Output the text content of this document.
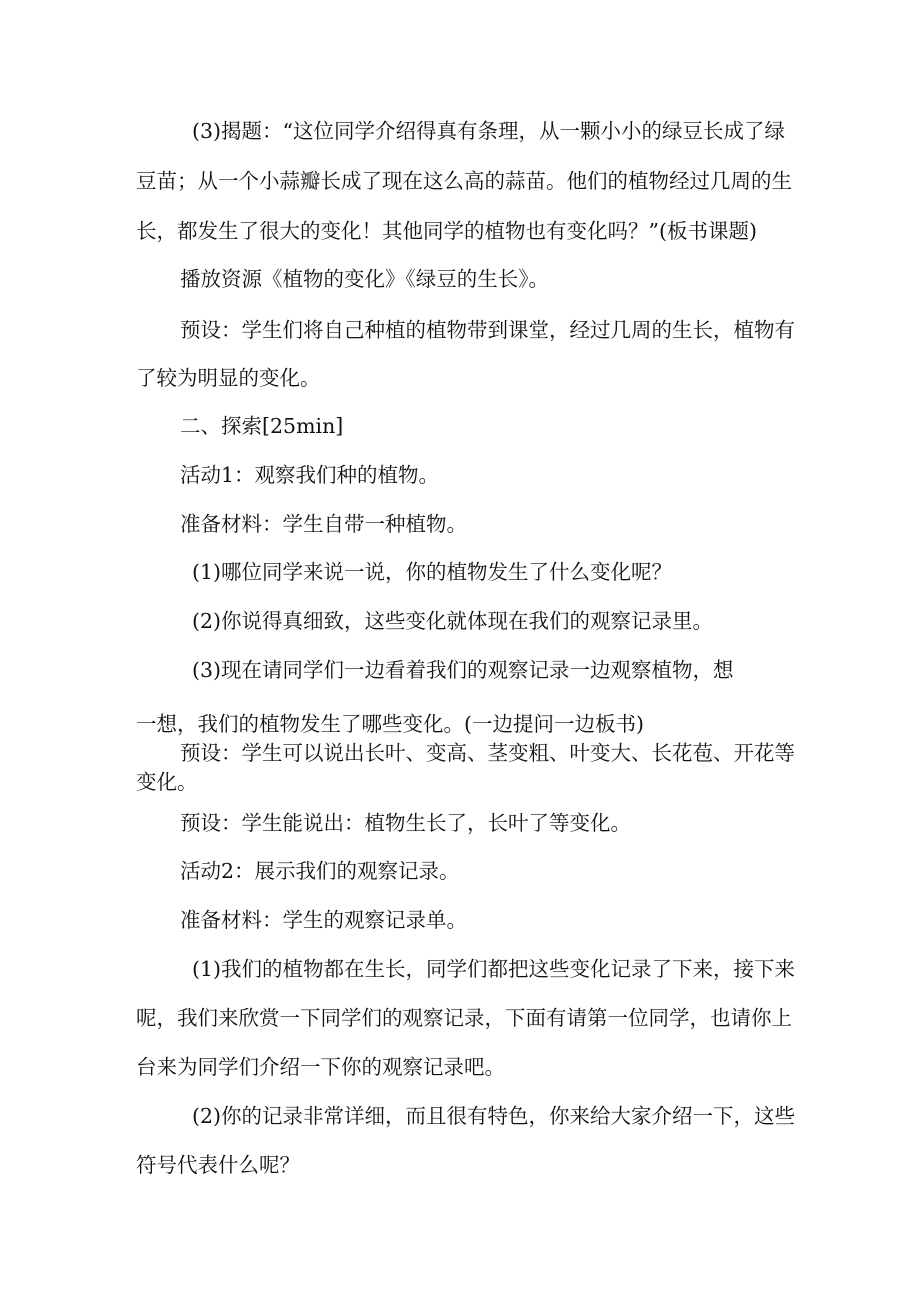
(3)揭题：“这位同学介绍得真有条理，从一颗小小的绿豆长成了绿
豆苗；从一个小蒜瓣长成了现在这么高的蒜苗。他们的植物经过几周的生
长，都发生了很大的变化！其他同学的植物也有变化吗？”(板书课题)
播放资源《植物的变化》《绿豆的生长》。
预设：学生们将自己种植的植物带到课堂，经过几周的生长，植物有
了较为明显的变化。
二、探索[25min]
活动1：观察我们种的植物。
准备材料：学生自带一种植物。
(1)哪位同学来说一说，你的植物发生了什么变化呢？
(2)你说得真细致，这些变化就体现在我们的观察记录里。
(3)现在请同学们一边看着我们的观察记录一边观察植物，想
一想，我们的植物发生了哪些变化。(一边提问一边板书)
预设：学生可以说出长叶、变高、茎变粗、叶变大、长花苞、开花等
变化。
预设：学生能说出：植物生长了，长叶了等变化。
活动2：展示我们的观察记录。
准备材料：学生的观察记录单。
(1)我们的植物都在生长，同学们都把这些变化记录了下来，接下来
呢，我们来欣赏一下同学们的观察记录，下面有请第一位同学，也请你上
台来为同学们介绍一下你的观察记录吧。
(2)你的记录非常详细，而且很有特色，你来给大家介绍一下，这些
符号代表什么呢？
